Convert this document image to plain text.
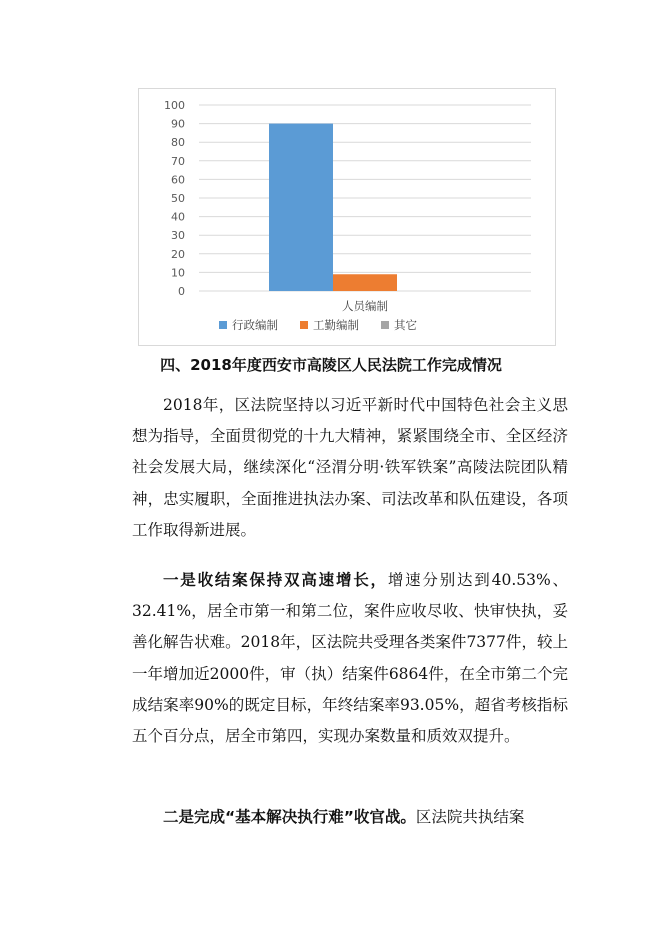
0
10
20
30
40
50
60
70
80
90
100
人员编制
行政编制	工勤编制	其它
四、2018年度西安市高陵区人民法院工作完成情况

2018年，区法院坚持以习近平新时代中国特色社会主义思想为指导，全面贯彻党的十九大精神，紧紧围绕全市、全区经济社会发展大局，继续深化“泾渭分明·铁军铁案”高陵法院团队精神，忠实履职，全面推进执法办案、司法改革和队伍建设，各项工作取得新进展。

一是收结案保持双高速增长，增速分别达到40.53%、32.41%，居全市第一和第二位，案件应收尽收、快审快执，妥善化解告状难。2018年，区法院共受理各类案件7377件，较上一年增加近2000件，审（执）结案件6864件，在全市第二个完成结案率90%的既定目标，年终结案率93.05%，超省考核指标五个百分点，居全市第四，实现办案数量和质效双提升。

二是完成“基本解决执行难”收官战。区法院共执结案
